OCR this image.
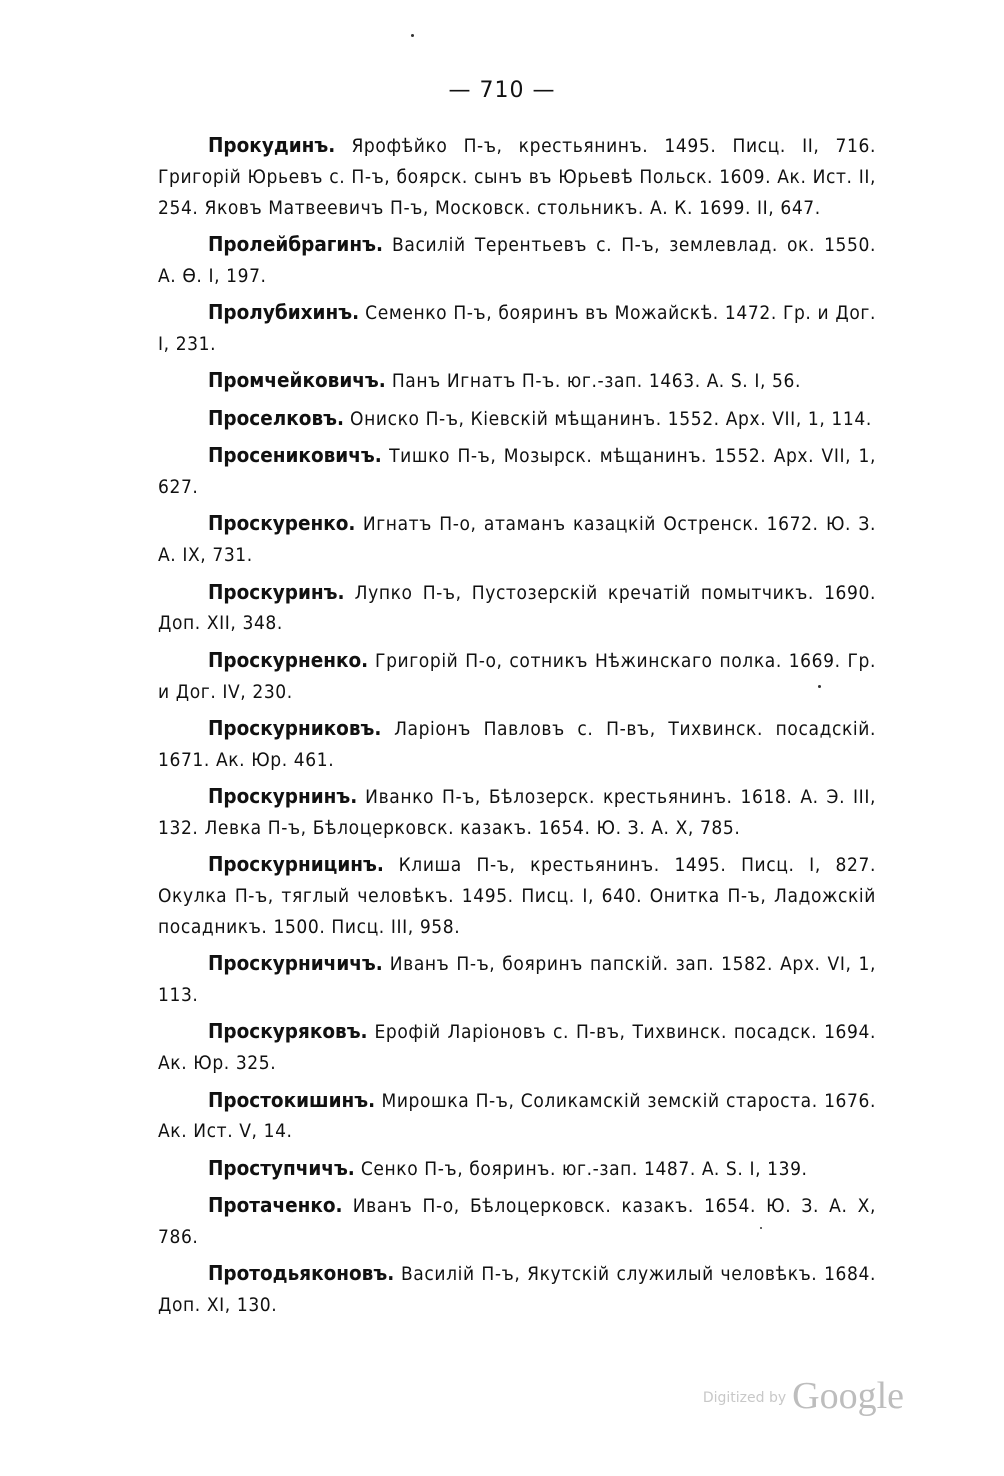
— 710 —

Прокудинъ. Ярофѣйко П-ъ, крестьянинъ. 1495. Писц. II, 716. Григорій Юрьевъ с. П-ъ, боярск. сынъ въ Юрьевѣ Польск. 1609. Ак. Ист. II, 254. Яковъ Матвеевичъ П-ъ, Московск. стольникъ. А. К. 1699. II, 647.

Пролейбрагинъ. Василій Терентьевъ с. П-ъ, землевлад. ок. 1550. А. Ѳ. I, 197.

Пролубихинъ. Семенко П-ъ, бояринъ въ Можайскѣ. 1472. Гр. и Дог. I, 231.

Промчейковичъ. Панъ Игнатъ П-ъ. юг.-зап. 1463. A. S. I, 56.

Проселковъ. Ониско П-ъ, Кіевскій мѣщанинъ. 1552. Арх. VII, 1, 114.

Просениковичъ. Тишко П-ъ, Мозырск. мѣщанинъ. 1552. Арх. VII, 1, 627.

Проскуренко. Игнатъ П-о, атаманъ казацкій Остренск. 1672. Ю. З. А. IX, 731.

Проскуринъ. Лупко П-ъ, Пустозерскій кречатій помытчикъ. 1690. Доп. XII, 348.

Проскурненко. Григорій П-о, сотникъ Нѣжинскаго полка. 1669. Гр. и Дог. IV, 230.

Проскурниковъ. Ларіонъ Павловъ с. П-въ, Тихвинск. посадскій. 1671. Ак. Юр. 461.

Проскурнинъ. Иванко П-ъ, Бѣлозерск. крестьянинъ. 1618. А. Э. III, 132. Левка П-ъ, Бѣлоцерковск. казакъ. 1654. Ю. З. А. X, 785.

Проскурницинъ. Клиша П-ъ, крестьянинъ. 1495. Писц. I, 827. Окулка П-ъ, тяглый человѣкъ. 1495. Писц. I, 640. Онитка П-ъ, Ладожскій посадникъ. 1500. Писц. III, 958.

Проскурничичъ. Иванъ П-ъ, бояринъ папскій. зап. 1582. Арх. VI, 1, 113.

Проскуряковъ. Ерофій Ларіоновъ с. П-въ, Тихвинск. посадск. 1694. Ак. Юр. 325.

Простокишинъ. Мирошка П-ъ, Соликамскій земскій староста. 1676. Ак. Ист. V, 14.

Проступчичъ. Сенко П-ъ, бояринъ. юг.-зап. 1487. A. S. I, 139.

Протаченко. Иванъ П-о, Бѣлоцерковск. казакъ. 1654. Ю. З. А. X, 786.

Протодьяконовъ. Василій П-ъ, Якутскій служилый человѣкъ. 1684. Доп. XI, 130.

Digitized by Google
